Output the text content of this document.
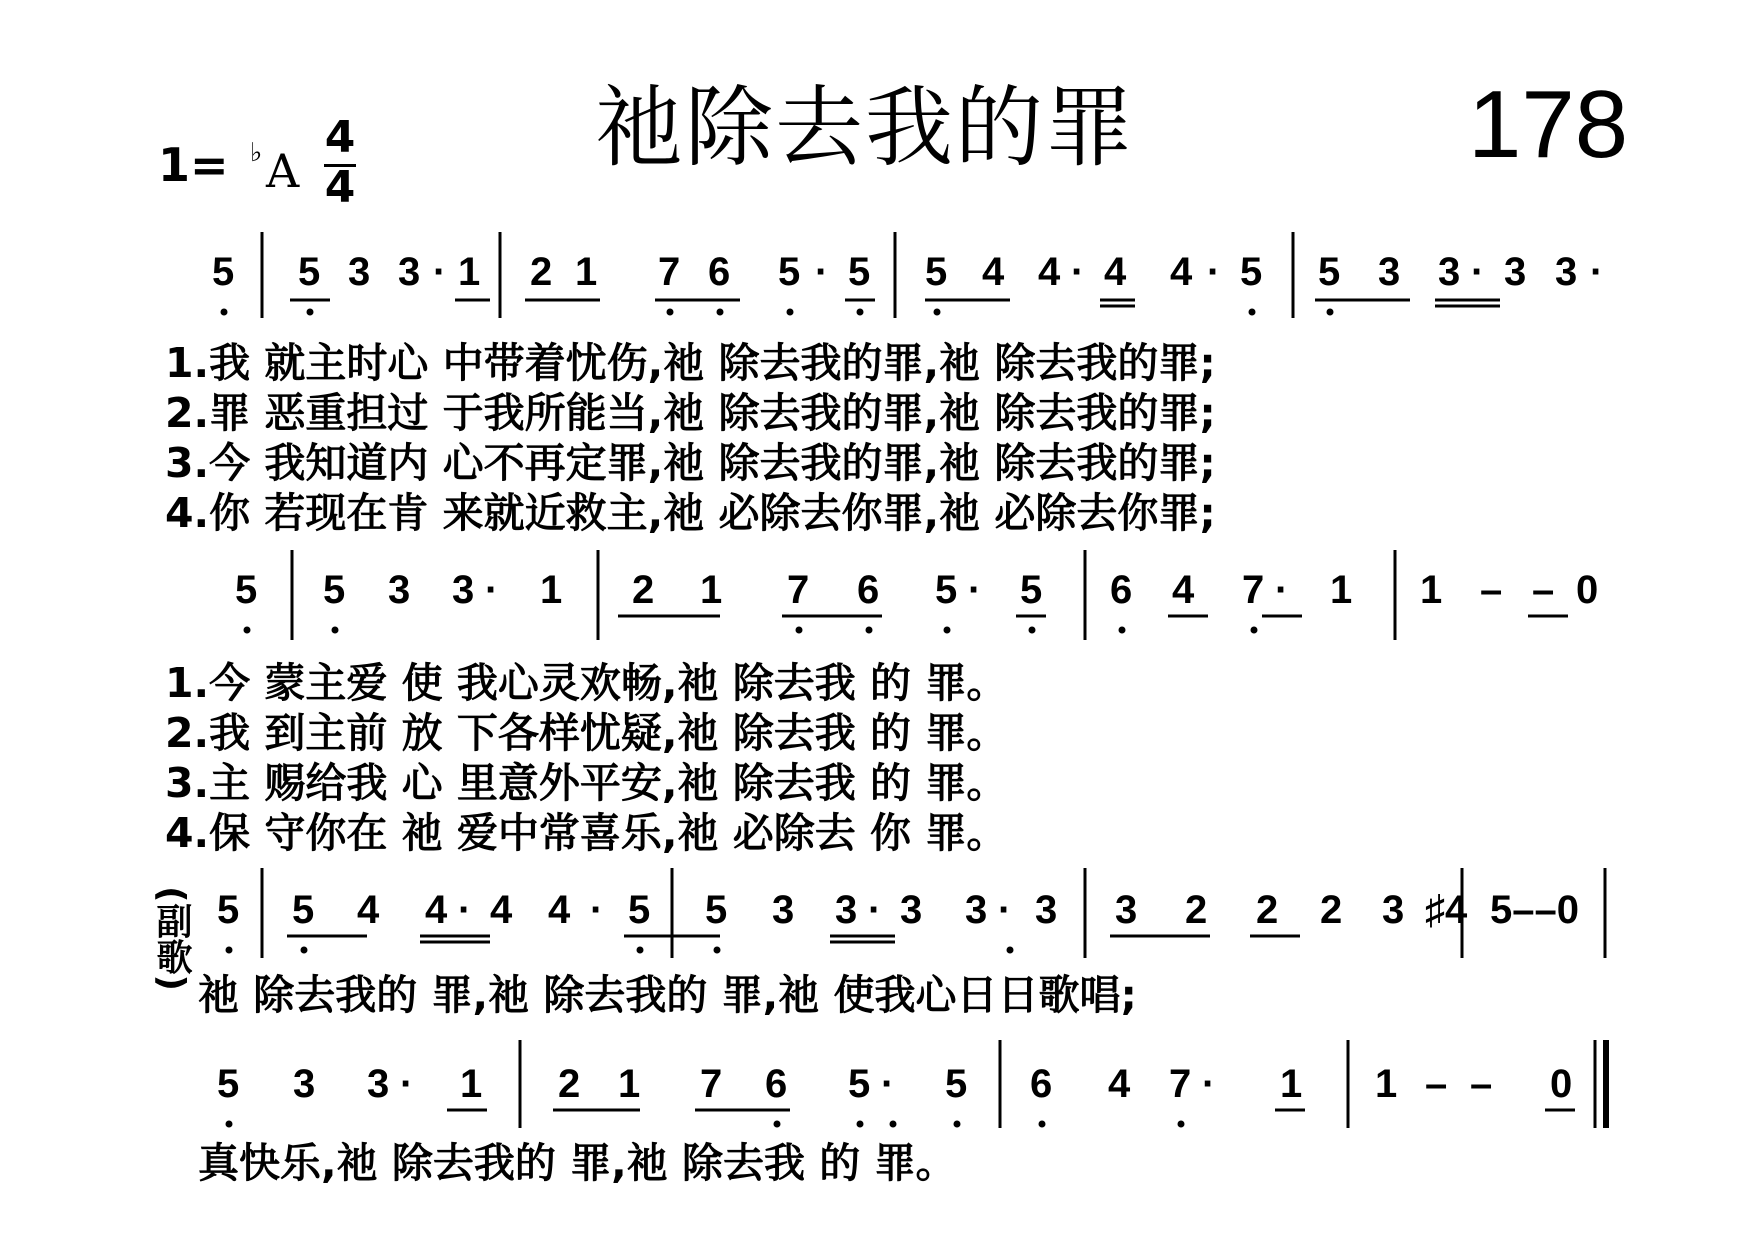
祂除去我的罪	178
1= ♭ A
4
4
5 5 3 3 · 1 2 1 7 6 5 · 5 5 4 4 · 4 4 · 5 5 3 3 · 3 3 ·
1.我 就主时心 中带着忧伤,祂 除去我的罪,祂 除去我的罪;
2.罪 恶重担过 于我所能当,祂 除去我的罪,祂 除去我的罪;
3.今 我知道内 心不再定罪,祂 除去我的罪,祂 除去我的罪;
4.你 若现在肯 来就近救主,祂 必除去你罪,祂 必除去你罪;
5 5 3 3 · 1 2 1 7 6 5 · 5 6 4 7 · 1 1 – – 0
1.今 蒙主爱 使 我心灵欢畅,祂 除去我 的 罪。
2.我 到主前 放 下各样忧疑,祂 除去我 的 罪。
3.主 赐给我 心 里意外平安,祂 除去我 的 罪。
4.保 守你在 祂 爱中常喜乐,祂 必除去 你 罪。
5 5 4 4 · 4 4 · 5 5 3 3 · 3 3 · 3 3 2 2 2 3 ♯4 5––0
(副歌)
祂 除去我的 罪,祂 除去我的 罪,祂 使我心日日歌唱;
5 3 3 · 1 2 1 7 6 5 · 5 6 4 7 · 1 1 – – 0
真快乐,祂 除去我的 罪,祂 除去我 的 罪。
